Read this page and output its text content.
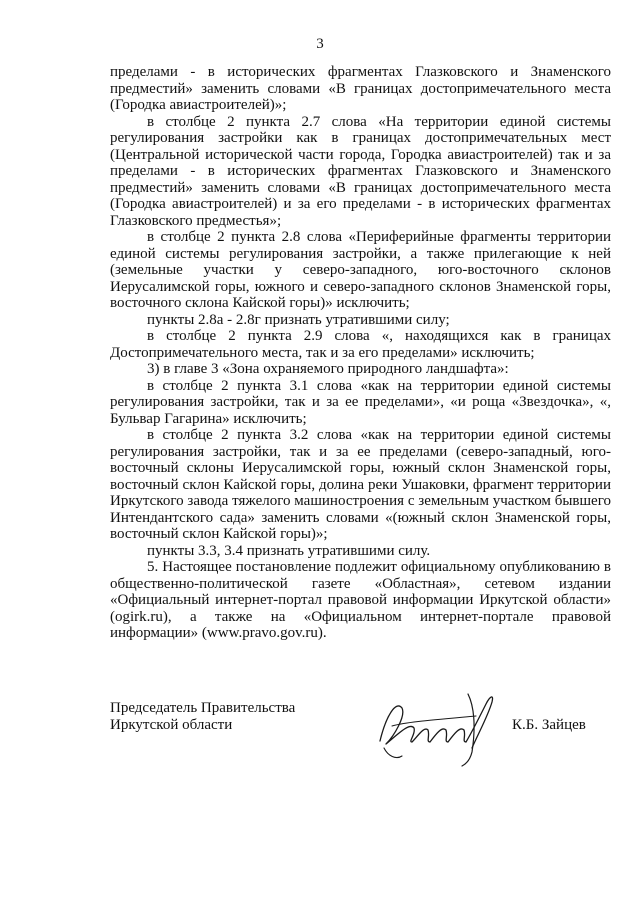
3

пределами - в исторических фрагментах Глазковского и Знаменского предместий» заменить словами «В границах достопримечательного места (Городка авиастроителей)»;

в столбце 2 пункта 2.7 слова «На территории единой системы регулирования застройки как в границах достопримечательных мест (Центральной исторической части города, Городка авиастроителей) так и за пределами - в исторических фрагментах Глазковского и Знаменского предместий» заменить словами «В границах достопримечательного места (Городка авиастроителей) и за его пределами - в исторических фрагментах Глазковского предместья»;

в столбце 2 пункта 2.8 слова «Периферийные фрагменты территории единой системы регулирования застройки, а также прилегающие к ней (земельные участки у северо-западного, юго-восточного склонов Иерусалимской горы, южного и северо-западного склонов Знаменской горы, восточного склона Кайской горы)» исключить;

пункты 2.8а - 2.8г признать утратившими силу;

в столбце 2 пункта 2.9 слова «, находящихся как в границах Достопримечательного места, так и за его пределами» исключить;

3) в главе 3 «Зона охраняемого природного ландшафта»:

в столбце 2 пункта 3.1 слова «как на территории единой системы регулирования застройки, так и за ее пределами», «и роща «Звездочка», «, Бульвар Гагарина» исключить;

в столбце 2 пункта 3.2 слова «как на территории единой системы регулирования застройки, так и за ее пределами (северо-западный, юго-восточный склоны Иерусалимской горы, южный склон Знаменской горы, восточный склон Кайской горы, долина реки Ушаковки, фрагмент территории Иркутского завода тяжелого машиностроения с земельным участком бывшего Интендантского сада» заменить словами «(южный склон Знаменской горы, восточный склон Кайской горы)»;

пункты 3.3, 3.4 признать утратившими силу.

5. Настоящее постановление подлежит официальному опубликованию в общественно-политической газете «Областная», сетевом издании «Официальный интернет-портал правовой информации Иркутской области» (ogirk.ru), а также на «Официальном интернет-портале правовой информации» (www.pravo.gov.ru).

Председатель Правительства
Иркутской области	К.Б. Зайцев
